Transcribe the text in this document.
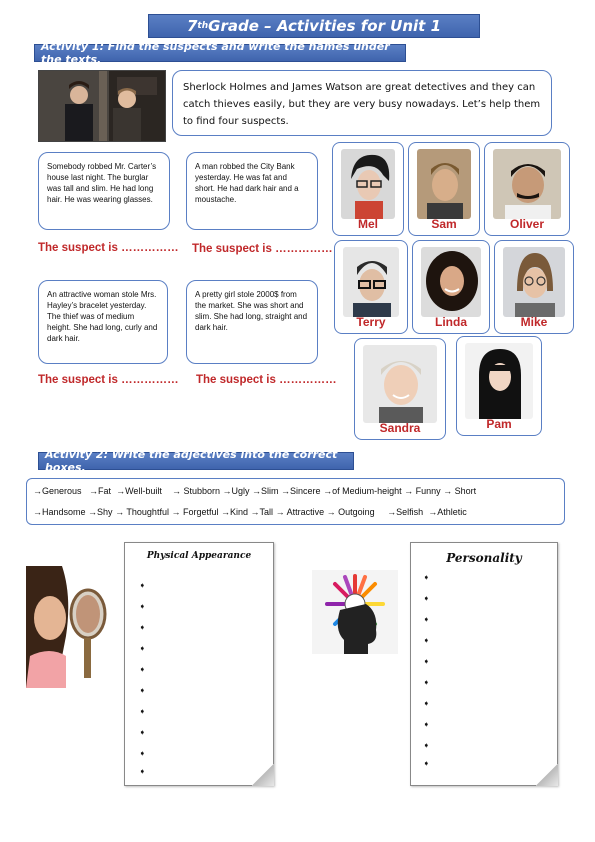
7 th Grade – Activities for Unit 1
Activity 1: Find the suspects and write the names under the texts.
Sherlock Holmes and James Watson are great detectives and they can catch thieves easily, but they are very busy nowadays. Let’s help them to find four suspects.
Somebody robbed Mr. Carter’s house last night. The burglar was tall and slim. He had long hair. He was wearing glasses.
A man robbed the City Bank yesterday. He was fat and short. He had dark hair and a moustache.
An attractive woman stole Mrs. Hayley’s bracelet yesterday. The thief was of medium height. She had long, curly and dark hair.
A pretty girl stole 2000$ from the market. She was short and slim. She had long, straight and dark hair.
The suspect is …………… The suspect is ……………
The suspect is …………… The suspect is ……………
Mel	Sam	Oliver
Terry	Linda	Mike
Sandra	Pam
Activity 2: Write the adjectives into the correct boxes.
→Generous →Fat →Well-built → Stubborn →Ugly →Slim →Sincere →of Medium-height → Funny → Short
→Handsome →Shy → Thoughtful → Forgetful →Kind →Tall → Attractive → Outgoing →Selfish →Athletic
Physical Appearance
➧
➧
➧
➧
➧
➧
➧
➧
➧
➧
Personality
➧
➧
➧
➧
➧
➧
➧
➧
➧
➧
